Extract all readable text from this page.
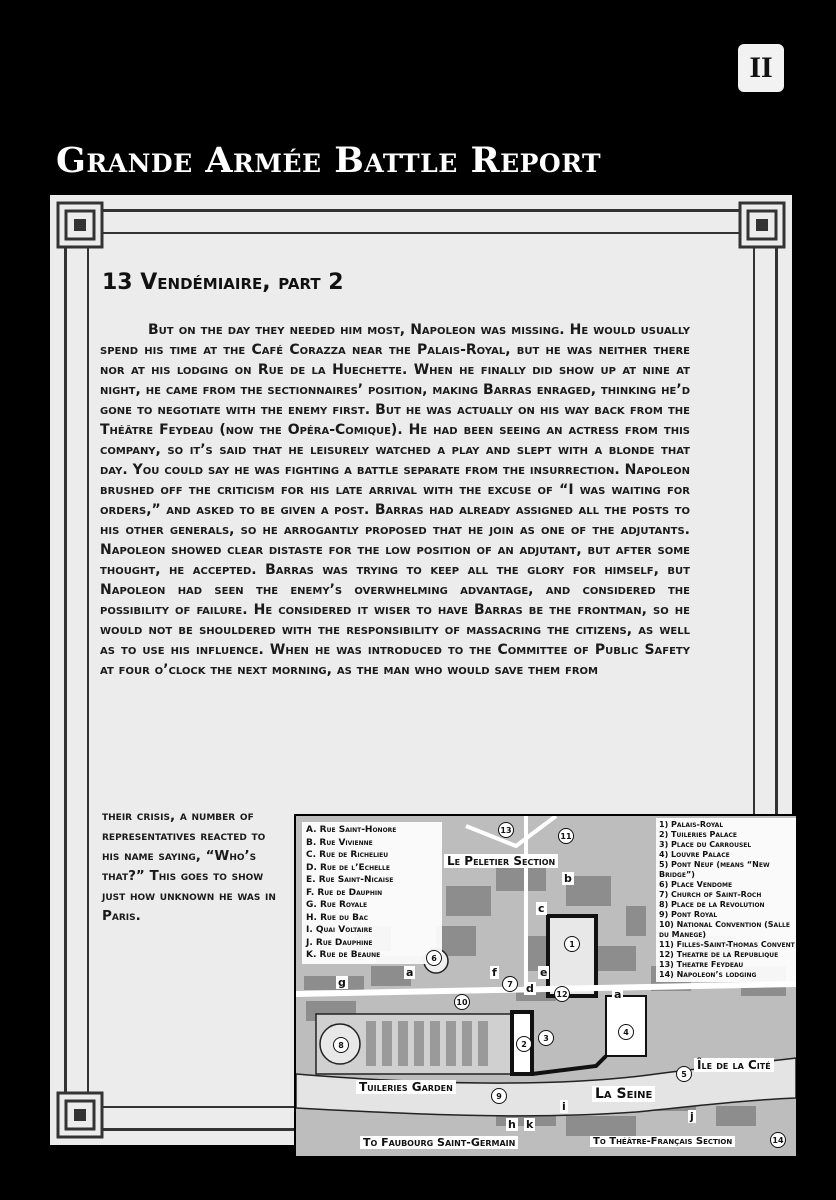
II
Grande Armée Battle Report
13 Vendémiaire, part 2

But on the day they needed him most, Napoleon was missing. He would usually spend his time at the Café Corazza near the Palais-Royal, but he was neither there nor at his lodging on Rue de la Huechette. When he finally did show up at nine at night, he came from the sectionnaires’ position, making Barras enraged, thinking he’d gone to negotiate with the enemy first. But he was actually on his way back from the Théâtre Feydeau (now the Opéra-Comique). He had been seeing an actress from this company, so it’s said that he leisurely watched a play and slept with a blonde that day. You could say he was fighting a battle separate from the insurrection. Napoleon brushed off the criticism for his late arrival with the excuse of “I was waiting for orders,” and asked to be given a post. Barras had already assigned all the posts to his other generals, so he arrogantly proposed that he join as one of the adjutants. Napoleon showed clear distaste for the low position of an adjutant, but after some thought, he accepted. Barras was trying to keep all the glory for himself, but Napoleon had seen the enemy’s overwhelming advantage, and considered the possibility of failure. He considered it wiser to have Barras be the frontman, so he would not be shouldered with the responsibility of massacring the citizens, as well as to use his influence. When he was introduced to the Committee of Public Safety at four o’clock the next morning, as the man who would save them from

their crisis, a number of representatives reacted to his name saying, “Who’s that?” This goes to show just how unknown he was in Paris.

A. Rue Saint-Honore
B. Rue Vivienne
C. Rue de Richelieu
D. Rue de l’Echelle
E. Rue Saint-Nicaise
F. Rue de Dauphin
G. Rue Royale
H. Rue du Bac
I. Quai Voltaire
J. Rue Dauphine
K. Rue de Beaune
1) Palais-Royal
2) Tuileries Palace
3) Place du Carrousel
4) Louvre Palace
5) Pont Neuf (means “New Bridge”)
6) Place Vendome
7) Church of Saint-Roch
8) Place de la Revolution
9) Pont Royal
10) National Convention (Salle du Manege)
11) Filles-Saint-Thomas Convent
12) Theatre de la Republique
13) Theatre Feydeau
14) Napoleon’s lodging
Le Peletier Section
Tuileries Garden	La Seine
Île de la Cité
To Faubourg Saint-Germain	To Théâtre-Français Section
1
2
3
4
5
6
7
8
9
10
11
12
13
14
a
a
b
c
d
e
f
g
h
i
j
k
